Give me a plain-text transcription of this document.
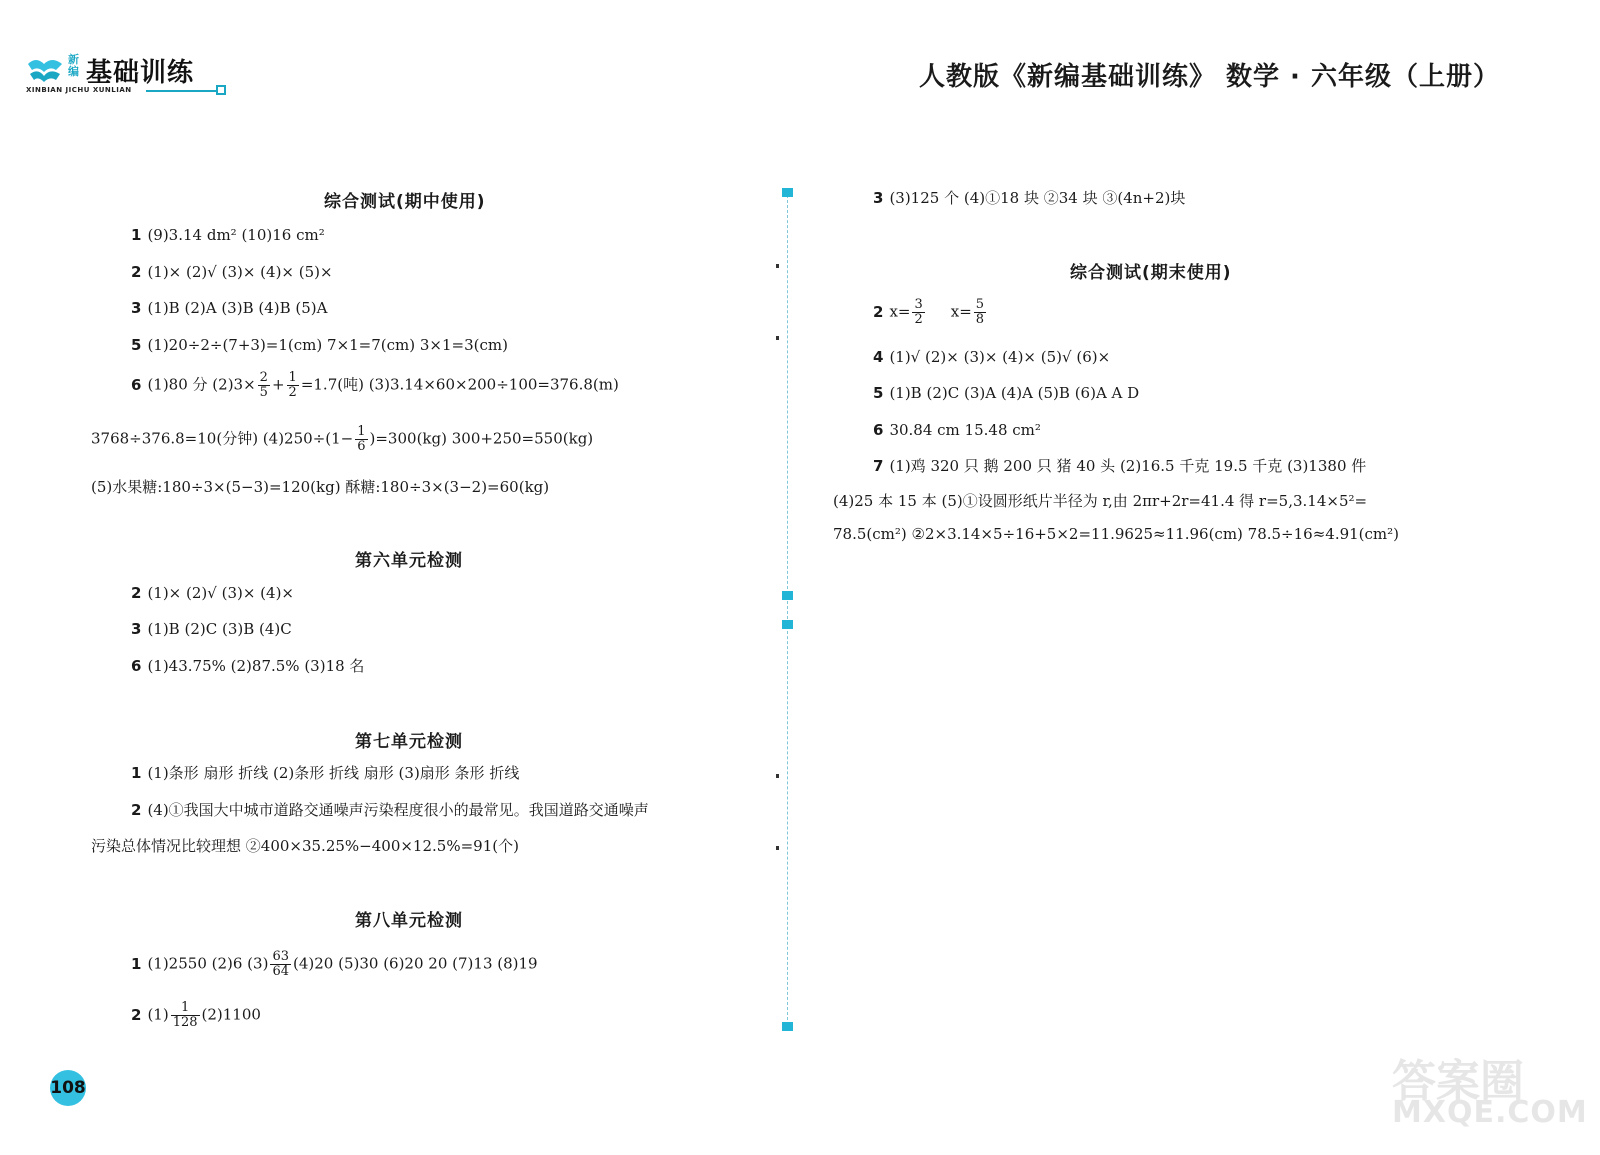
新编 基础训练
XINBIAN JICHU XUNLIAN	人教版《新编基础训练》 数学 · 六年级（上册）
综合测试(期中使用)
1 (9)3.14 dm² (10)16 cm²
2 (1)× (2)√ (3)× (4)× (5)×
3 (1)B (2)A (3)B (4)B (5)A
5 (1)20÷2÷(7+3)=1(cm) 7×1=7(cm) 3×1=3(cm)
6 (1)80 分 $(2)3\times \frac{2}{5} + \frac{1}{2} =1.7$(吨) (3)3.14×60×200÷100=376.8(m)
3768÷376.8=10(分钟) $(4)250\div(1- \frac{1}{6} )=300(kg)$ 300+250=550(kg)
(5)水果糖:180÷3×(5−3)=120(kg) 酥糖:180÷3×(3−2)=60(kg)
第六单元检测
2 (1)× (2)√ (3)× (4)×
3 (1)B (2)C (3)B (4)C
6 (1)43.75% (2)87.5% (3)18 名
第七单元检测
1 (1)条形 扇形 折线 (2)条形 折线 扇形 (3)扇形 条形 折线
2 (4)①我国大中城市道路交通噪声污染程度很小的最常见。我国道路交通噪声
污染总体情况比较理想 ②400×35.25%−400×12.5%=91(个)
第八单元检测
1 (1)2550 (2)6 $(3) \frac{63}{64} (4)20$ (5)30 (6)20 20 (7)13 (8)19
2 $(1) \frac{1}{128} (2)1100$
3 (3)125 个 (4)①18 块 ②34 块 ③(4n+2)块
综合测试(期末使用)
2 $x= \frac{3}{2} x= \frac{5}{8}$
4 (1)√ (2)× (3)× (4)× (5)√ (6)×
5 (1)B (2)C (3)A (4)A (5)B (6)A A D
6 30.84 cm 15.48 cm²
7 (1)鸡 320 只 鹅 200 只 猪 40 头 (2)16.5 千克 19.5 千克 (3)1380 件
(4)25 本 15 本 (5)①设圆形纸片半径为 r,由 2πr+2r=41.4 得 r=5,3.14×5²=
78.5(cm²) ②2×3.14×5÷16+5×2=11.9625≈11.96(cm) 78.5÷16≈4.91(cm²)
108	答案圈
MXQE.COM
